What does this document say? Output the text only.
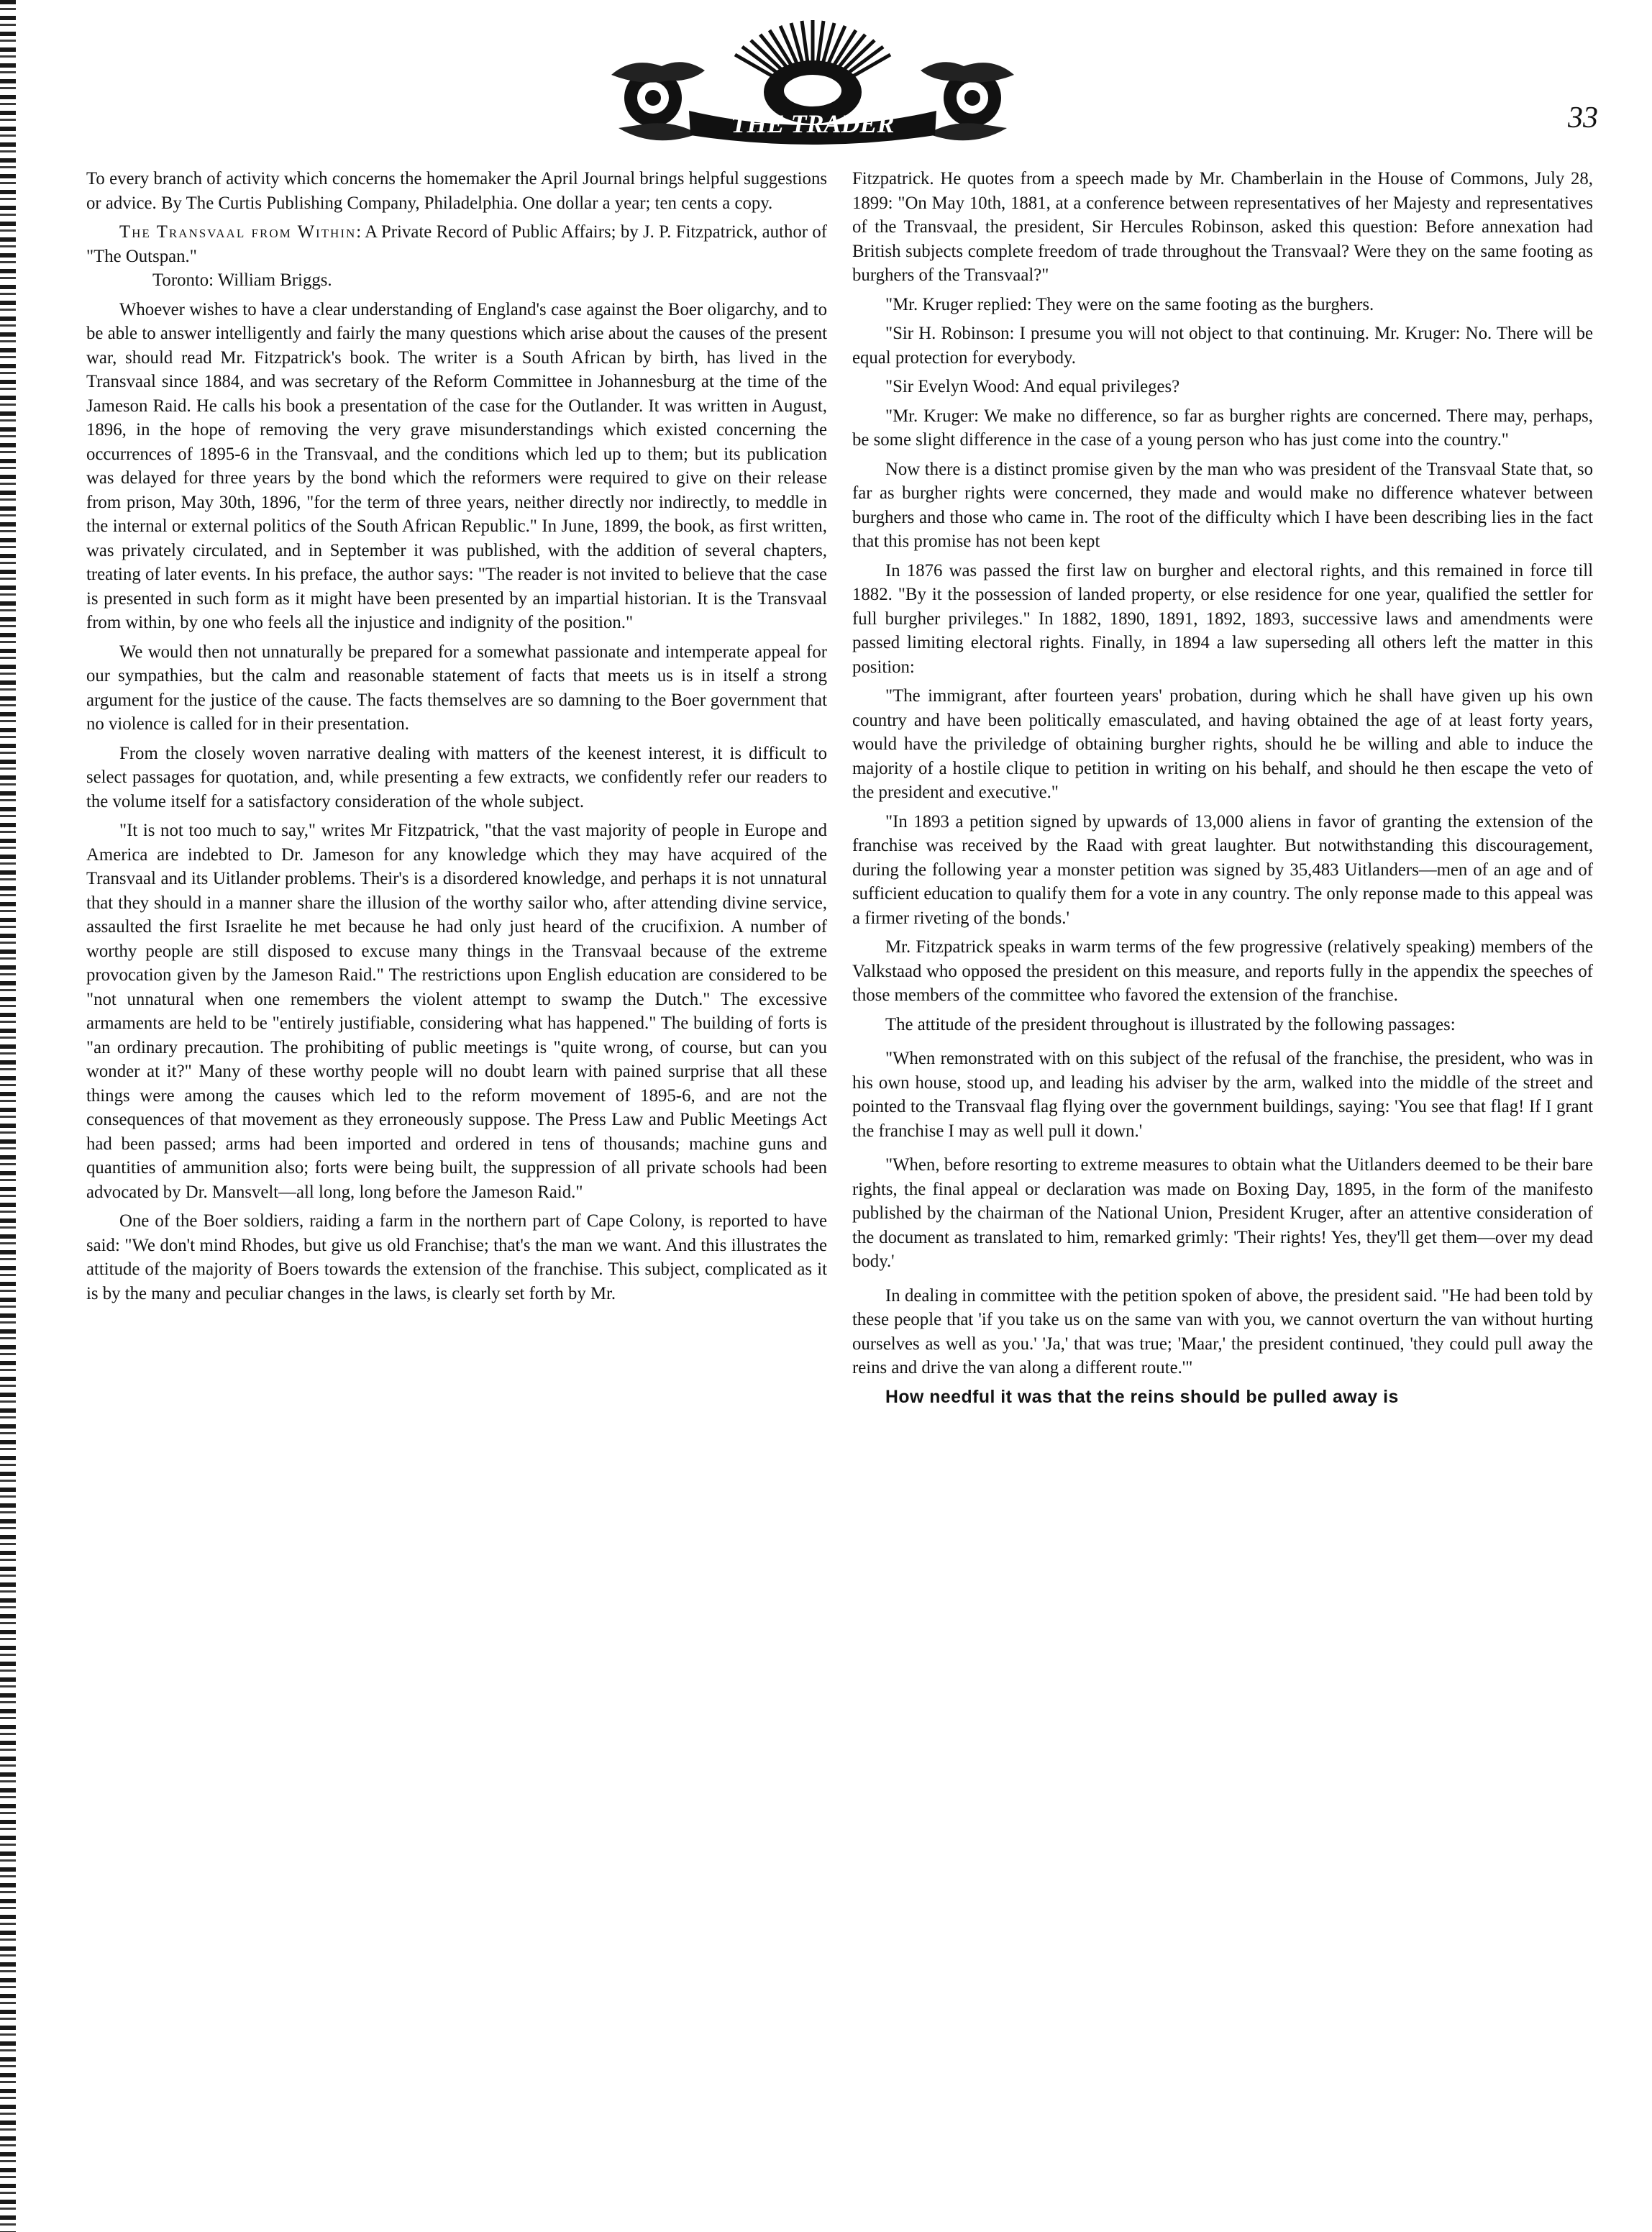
THE TRADER	33

To every branch of activity which concerns the homemaker the April Journal brings helpful suggestions or advice. By The Curtis Publishing Company, Philadelphia. One dollar a year; ten cents a copy.

The Transvaal from Within: A Private Record of Public Affairs; by J. P. Fitzpatrick, author of "The Outspan."
Toronto: William Briggs.

Whoever wishes to have a clear understanding of England's case against the Boer oligarchy, and to be able to answer intelligently and fairly the many questions which arise about the causes of the present war, should read Mr. Fitzpatrick's book. The writer is a South African by birth, has lived in the Transvaal since 1884, and was secretary of the Reform Committee in Johannesburg at the time of the Jameson Raid. He calls his book a presentation of the case for the Outlander. It was written in August, 1896, in the hope of removing the very grave misunderstandings which existed concerning the occurrences of 1895-6 in the Transvaal, and the conditions which led up to them; but its publication was delayed for three years by the bond which the reformers were required to give on their release from prison, May 30th, 1896, "for the term of three years, neither directly nor indirectly, to meddle in the internal or external politics of the South African Republic." In June, 1899, the book, as first written, was privately circulated, and in September it was published, with the addition of several chapters, treating of later events. In his preface, the author says: "The reader is not invited to believe that the case is presented in such form as it might have been presented by an impartial historian. It is the Transvaal from within, by one who feels all the injustice and indignity of the position."

We would then not unnaturally be prepared for a somewhat passionate and intemperate appeal for our sympathies, but the calm and reasonable statement of facts that meets us is in itself a strong argument for the justice of the cause. The facts themselves are so damning to the Boer government that no violence is called for in their presentation.

From the closely woven narrative dealing with matters of the keenest interest, it is difficult to select passages for quotation, and, while presenting a few extracts, we confidently refer our readers to the volume itself for a satisfactory consideration of the whole subject.

"It is not too much to say," writes Mr Fitzpatrick, "that the vast majority of people in Europe and America are indebted to Dr. Jameson for any knowledge which they may have acquired of the Transvaal and its Uitlander problems. Their's is a disordered knowledge, and perhaps it is not unnatural that they should in a manner share the illusion of the worthy sailor who, after attending divine service, assaulted the first Israelite he met because he had only just heard of the crucifixion. A number of worthy people are still disposed to excuse many things in the Transvaal because of the extreme provocation given by the Jameson Raid." The restrictions upon English education are considered to be "not unnatural when one remembers the violent attempt to swamp the Dutch." The excessive armaments are held to be "entirely justifiable, considering what has happened." The building of forts is "an ordinary precaution. The prohibiting of public meetings is "quite wrong, of course, but can you wonder at it?" Many of these worthy people will no doubt learn with pained surprise that all these things were among the causes which led to the reform movement of 1895-6, and are not the consequences of that movement as they erroneously suppose. The Press Law and Public Meetings Act had been passed; arms had been imported and ordered in tens of thousands; machine guns and quantities of ammunition also; forts were being built, the suppression of all private schools had been advocated by Dr. Mansvelt—all long, long before the Jameson Raid."

One of the Boer soldiers, raiding a farm in the northern part of Cape Colony, is reported to have said: "We don't mind Rhodes, but give us old Franchise; that's the man we want. And this illustrates the attitude of the majority of Boers towards the extension of the franchise. This subject, complicated as it is by the many and peculiar changes in the laws, is clearly set forth by Mr.

Fitzpatrick. He quotes from a speech made by Mr. Chamberlain in the House of Commons, July 28, 1899: "On May 10th, 1881, at a conference between representatives of her Majesty and representatives of the Transvaal, the president, Sir Hercules Robinson, asked this question: Before annexation had British subjects complete freedom of trade throughout the Transvaal? Were they on the same footing as burghers of the Transvaal?"

"Mr. Kruger replied: They were on the same footing as the burghers.

"Sir H. Robinson: I presume you will not object to that continuing. Mr. Kruger: No. There will be equal protection for everybody.

"Sir Evelyn Wood: And equal privileges?

"Mr. Kruger: We make no difference, so far as burgher rights are concerned. There may, perhaps, be some slight difference in the case of a young person who has just come into the country."

Now there is a distinct promise given by the man who was president of the Transvaal State that, so far as burgher rights were concerned, they made and would make no difference whatever between burghers and those who came in. The root of the difficulty which I have been describing lies in the fact that this promise has not been kept

In 1876 was passed the first law on burgher and electoral rights, and this remained in force till 1882. "By it the possession of landed property, or else residence for one year, qualified the settler for full burgher privileges." In 1882, 1890, 1891, 1892, 1893, successive laws and amendments were passed limiting electoral rights. Finally, in 1894 a law superseding all others left the matter in this position:

"The immigrant, after fourteen years' probation, during which he shall have given up his own country and have been politically emasculated, and having obtained the age of at least forty years, would have the priviledge of obtaining burgher rights, should he be willing and able to induce the majority of a hostile clique to petition in writing on his behalf, and should he then escape the veto of the president and executive."

"In 1893 a petition signed by upwards of 13,000 aliens in favor of granting the extension of the franchise was received by the Raad with great laughter. But notwithstanding this discouragement, during the following year a monster petition was signed by 35,483 Uitlanders—men of an age and of sufficient education to qualify them for a vote in any country. The only reponse made to this appeal was a firmer riveting of the bonds.'

Mr. Fitzpatrick speaks in warm terms of the few progressive (relatively speaking) members of the Valkstaad who opposed the president on this measure, and reports fully in the appendix the speeches of those members of the committee who favored the extension of the franchise.

The attitude of the president throughout is illustrated by the following passages:

"When remonstrated with on this subject of the refusal of the franchise, the president, who was in his own house, stood up, and leading his adviser by the arm, walked into the middle of the street and pointed to the Transvaal flag flying over the government buildings, saying: 'You see that flag! If I grant the franchise I may as well pull it down.'

"When, before resorting to extreme measures to obtain what the Uitlanders deemed to be their bare rights, the final appeal or declaration was made on Boxing Day, 1895, in the form of the manifesto published by the chairman of the National Union, President Kruger, after an attentive consideration of the document as translated to him, remarked grimly: 'Their rights! Yes, they'll get them—over my dead body.'

In dealing in committee with the petition spoken of above, the president said. "He had been told by these people that 'if you take us on the same van with you, we cannot overturn the van without hurting ourselves as well as you.' 'Ja,' that was true; 'Maar,' the president continued, 'they could pull away the reins and drive the van along a different route.'"

How needful it was that the reins should be pulled away is
